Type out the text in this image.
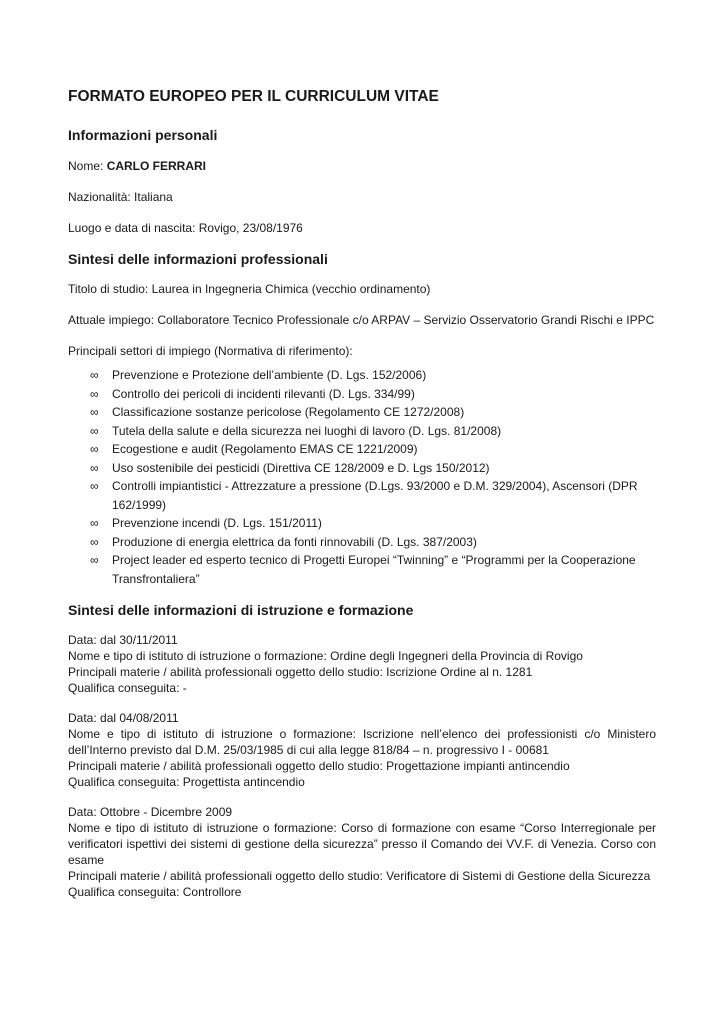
FORMATO EUROPEO PER IL CURRICULUM VITAE
Informazioni personali

Nome: CARLO FERRARI

Nazionalità: Italiana

Luogo e data di nascita: Rovigo, 23/08/1976

Sintesi delle informazioni professionali

Titolo di studio: Laurea in Ingegneria Chimica (vecchio ordinamento)

Attuale impiego: Collaboratore Tecnico Professionale c/o ARPAV – Servizio Osservatorio Grandi Rischi e IPPC

Principali settori di impiego (Normativa di riferimento):

∞ Prevenzione e Protezione dell’ambiente (D. Lgs. 152/2006)
∞ Controllo dei pericoli di incidenti rilevanti (D. Lgs. 334/99)
∞ Classificazione sostanze pericolose (Regolamento CE 1272/2008)
∞ Tutela della salute e della sicurezza nei luoghi di lavoro (D. Lgs. 81/2008)
∞ Ecogestione e audit (Regolamento EMAS CE 1221/2009)
∞ Uso sostenibile dei pesticidi (Direttiva CE 128/2009 e D. Lgs 150/2012)
∞ Controlli impiantistici - Attrezzature a pressione (D.Lgs. 93/2000 e D.M. 329/2004), Ascensori (DPR 162/1999)
∞ Prevenzione incendi (D. Lgs. 151/2011)
∞ Produzione di energia elettrica da fonti rinnovabili (D. Lgs. 387/2003)
∞ Project leader ed esperto tecnico di Progetti Europei “Twinning” e “Programmi per la Cooperazione Transfrontaliera”
Sintesi delle informazioni di istruzione e formazione

Data: dal 30/11/2011

Nome e tipo di istituto di istruzione o formazione: Ordine degli Ingegneri della Provincia di Rovigo

Principali materie / abilità professionali oggetto dello studio: Iscrizione Ordine al n. 1281

Qualifica conseguita: -

Data: dal 04/08/2011

Nome e tipo di istituto di istruzione o formazione: Iscrizione nell’elenco dei professionisti c/o Ministero dell’Interno previsto dal D.M. 25/03/1985 di cui alla legge 818/84 – n. progressivo I - 00681

Principali materie / abilità professionali oggetto dello studio: Progettazione impianti antincendio

Qualifica conseguita: Progettista antincendio

Data: Ottobre - Dicembre 2009

Nome e tipo di istituto di istruzione o formazione: Corso di formazione con esame “Corso Interregionale per verificatori ispettivi dei sistemi di gestione della sicurezza” presso il Comando dei VV.F. di Venezia. Corso con esame

Principali materie / abilità professionali oggetto dello studio: Verificatore di Sistemi di Gestione della Sicurezza

Qualifica conseguita: Controllore
